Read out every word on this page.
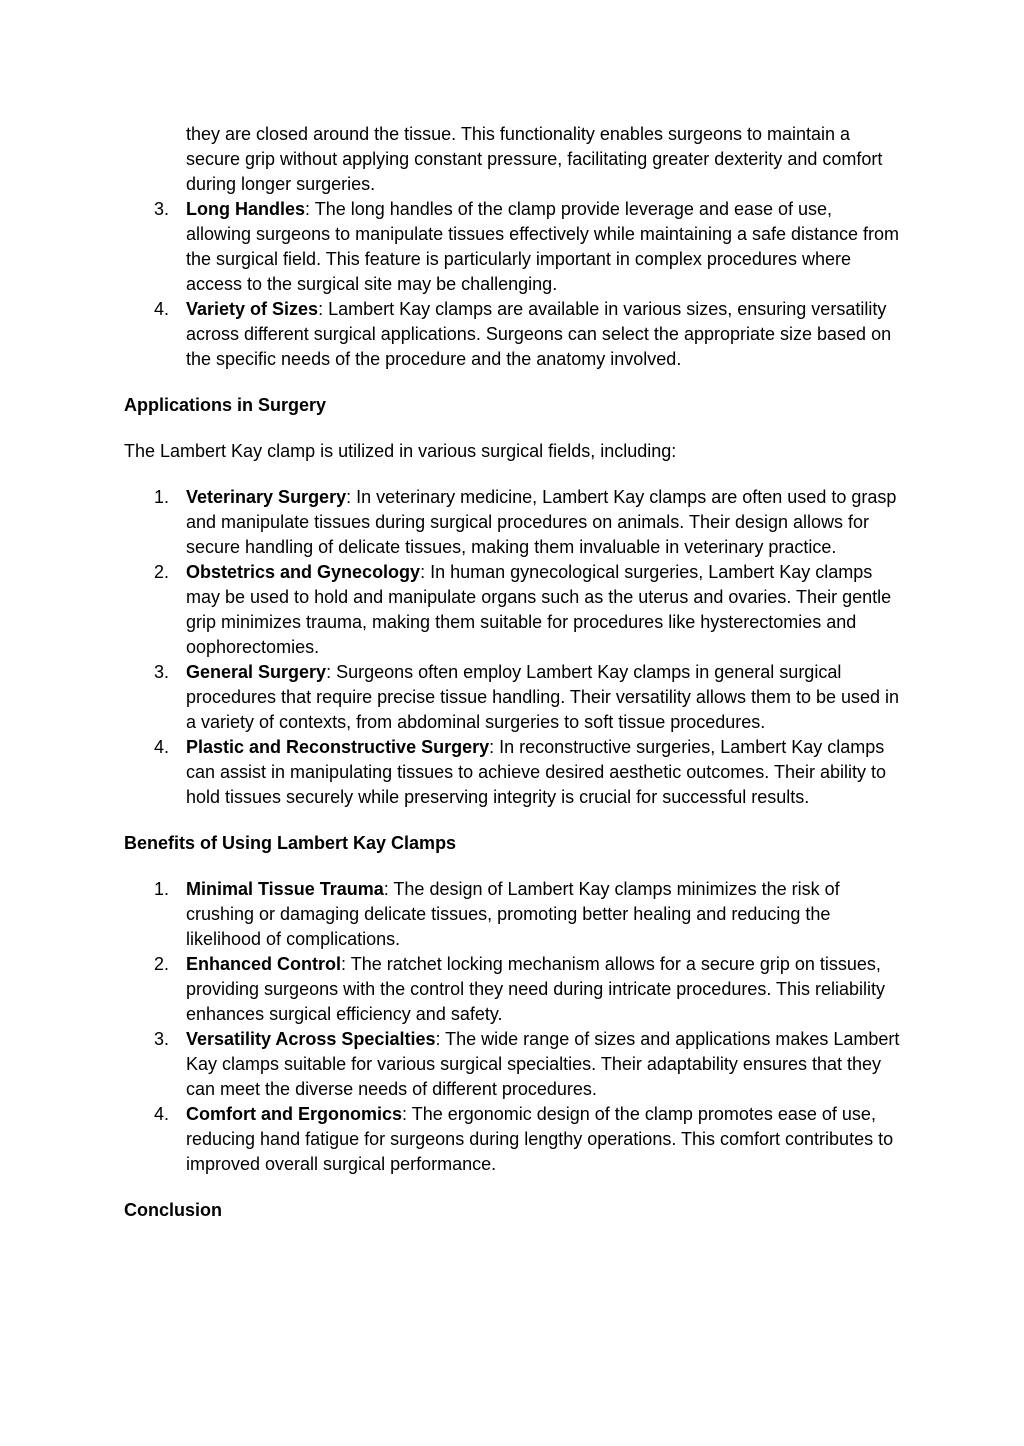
they are closed around the tissue. This functionality enables surgeons to maintain a secure grip without applying constant pressure, facilitating greater dexterity and comfort during longer surgeries.
3. Long Handles: The long handles of the clamp provide leverage and ease of use, allowing surgeons to manipulate tissues effectively while maintaining a safe distance from the surgical field. This feature is particularly important in complex procedures where access to the surgical site may be challenging.
4. Variety of Sizes: Lambert Kay clamps are available in various sizes, ensuring versatility across different surgical applications. Surgeons can select the appropriate size based on the specific needs of the procedure and the anatomy involved.

Applications in Surgery

The Lambert Kay clamp is utilized in various surgical fields, including:

1. Veterinary Surgery: In veterinary medicine, Lambert Kay clamps are often used to grasp and manipulate tissues during surgical procedures on animals. Their design allows for secure handling of delicate tissues, making them invaluable in veterinary practice.
2. Obstetrics and Gynecology: In human gynecological surgeries, Lambert Kay clamps may be used to hold and manipulate organs such as the uterus and ovaries. Their gentle grip minimizes trauma, making them suitable for procedures like hysterectomies and oophorectomies.
3. General Surgery: Surgeons often employ Lambert Kay clamps in general surgical procedures that require precise tissue handling. Their versatility allows them to be used in a variety of contexts, from abdominal surgeries to soft tissue procedures.
4. Plastic and Reconstructive Surgery: In reconstructive surgeries, Lambert Kay clamps can assist in manipulating tissues to achieve desired aesthetic outcomes. Their ability to hold tissues securely while preserving integrity is crucial for successful results.

Benefits of Using Lambert Kay Clamps

1. Minimal Tissue Trauma: The design of Lambert Kay clamps minimizes the risk of crushing or damaging delicate tissues, promoting better healing and reducing the likelihood of complications.
2. Enhanced Control: The ratchet locking mechanism allows for a secure grip on tissues, providing surgeons with the control they need during intricate procedures. This reliability enhances surgical efficiency and safety.
3. Versatility Across Specialties: The wide range of sizes and applications makes Lambert Kay clamps suitable for various surgical specialties. Their adaptability ensures that they can meet the diverse needs of different procedures.
4. Comfort and Ergonomics: The ergonomic design of the clamp promotes ease of use, reducing hand fatigue for surgeons during lengthy operations. This comfort contributes to improved overall surgical performance.

Conclusion
